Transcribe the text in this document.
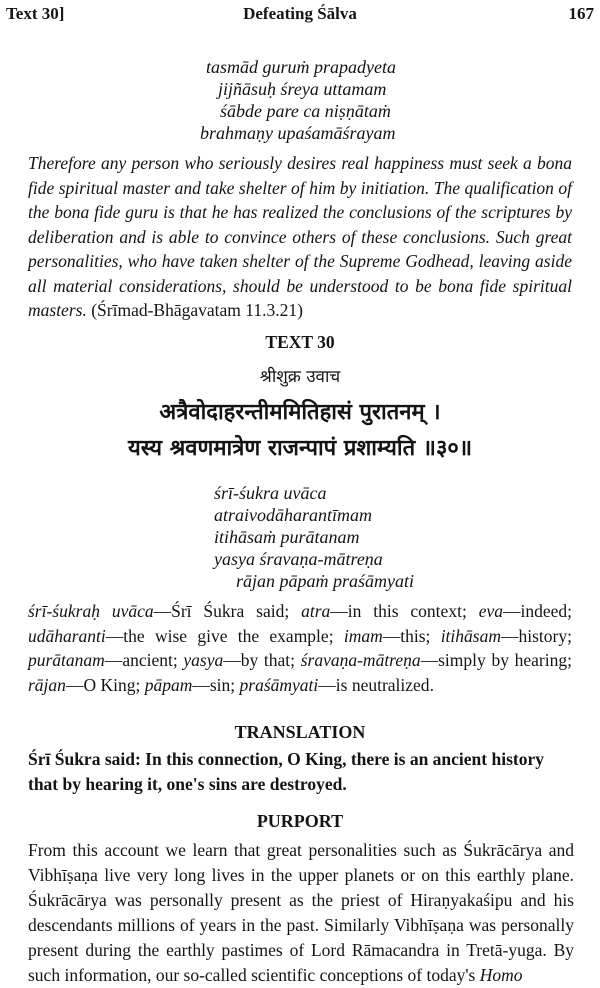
Text 30]	Defeating Śālva	167
tasmād guruṁ prapadyeta
jijñāsuḥ śreya uttamam
śābde pare ca niṣṇātaṁ
brahmaṇy upaśamāśrayam
Therefore any person who seriously desires real happiness must seek a bona fide spiritual master and take shelter of him by initiation. The qualification of the bona fide guru is that he has realized the conclusions of the scriptures by deliberation and is able to convince others of these conclusions. Such great personalities, who have taken shelter of the Supreme Godhead, leaving aside all material considerations, should be understood to be bona fide spiritual masters. (Śrīmad-Bhāgavatam 11.3.21)
TEXT 30
श्रीशुक्र उवाच
अत्रैवोदाहरन्तीममितिहासं पुरातनम् ।
यस्य श्रवणमात्रेण राजन्पापं प्रशाम्यति ॥३०॥
śrī-śukra uvāca
atraivodāharantīmam
itihāsaṁ purātanam
yasya śravaṇa-mātreṇa
rājan pāpaṁ praśāmyati
śrī-śukraḥ uvāca—Śrī Śukra said; atra—in this context; eva—indeed; udāharanti—the wise give the example; imam—this; itihāsam—history; purātanam—ancient; yasya—by that; śravaṇa-mātreṇa—simply by hearing; rājan—O King; pāpam—sin; praśāmyati—is neutralized.
TRANSLATION
Śrī Śukra said: In this connection, O King, there is an ancient history that by hearing it, one's sins are destroyed.
PURPORT
From this account we learn that great personalities such as Śukrācārya and Vibhīṣaṇa live very long lives in the upper planets or on this earthly plane. Śukrācārya was personally present as the priest of Hiraṇyakaśipu and his descendants millions of years in the past. Similarly Vibhīṣaṇa was personally present during the earthly pastimes of Lord Rāmacandra in Tretā-yuga. By such information, our so-called scientific conceptions of today's Homo
